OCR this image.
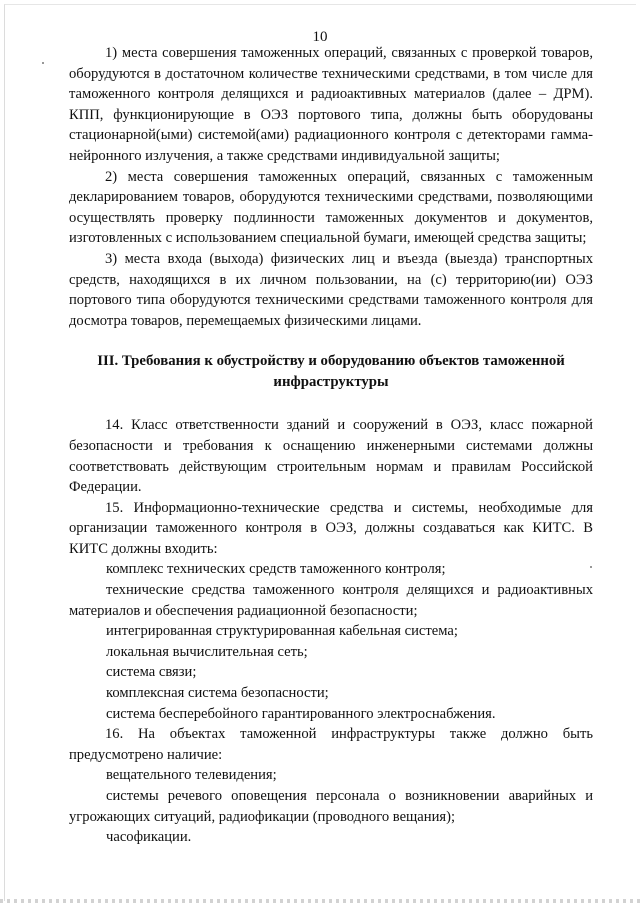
10

1) места совершения таможенных операций, связанных с проверкой товаров, оборудуются в достаточном количестве техническими средствами, в том числе для таможенного контроля делящихся и радиоактивных материалов (далее – ДРМ). КПП, функционирующие в ОЭЗ портового типа, должны быть оборудованы стационарной(ыми) системой(ами) радиационного контроля с детекторами гамма-нейронного излучения, а также средствами индивидуальной защиты;

2) места совершения таможенных операций, связанных с таможенным декларированием товаров, оборудуются техническими средствами, позволяющими осуществлять проверку подлинности таможенных документов и документов, изготовленных с использованием специальной бумаги, имеющей средства защиты;

3) места входа (выхода) физических лиц и въезда (выезда) транспортных средств, находящихся в их личном пользовании, на (с) территорию(ии) ОЭЗ портового типа оборудуются техническими средствами таможенного контроля для досмотра товаров, перемещаемых физическими лицами.

III. Требования к обустройству и оборудованию объектов таможенной инфраструктуры

14. Класс ответственности зданий и сооружений в ОЭЗ, класс пожарной безопасности и требования к оснащению инженерными системами должны соответствовать действующим строительным нормам и правилам Российской Федерации.

15. Информационно-технические средства и системы, необходимые для организации таможенного контроля в ОЭЗ, должны создаваться как КИТС. В КИТС должны входить:

комплекс технических средств таможенного контроля;

технические средства таможенного контроля делящихся и радиоактивных материалов и обеспечения радиационной безопасности;

интегрированная структурированная кабельная система;

локальная вычислительная сеть;

система связи;

комплексная система безопасности;

система бесперебойного гарантированного электроснабжения.

16. На объектах таможенной инфраструктуры также должно быть предусмотрено наличие:

вещательного телевидения;

системы речевого оповещения персонала о возникновении аварийных и угрожающих ситуаций, радиофикации (проводного вещания);

часофикации.
